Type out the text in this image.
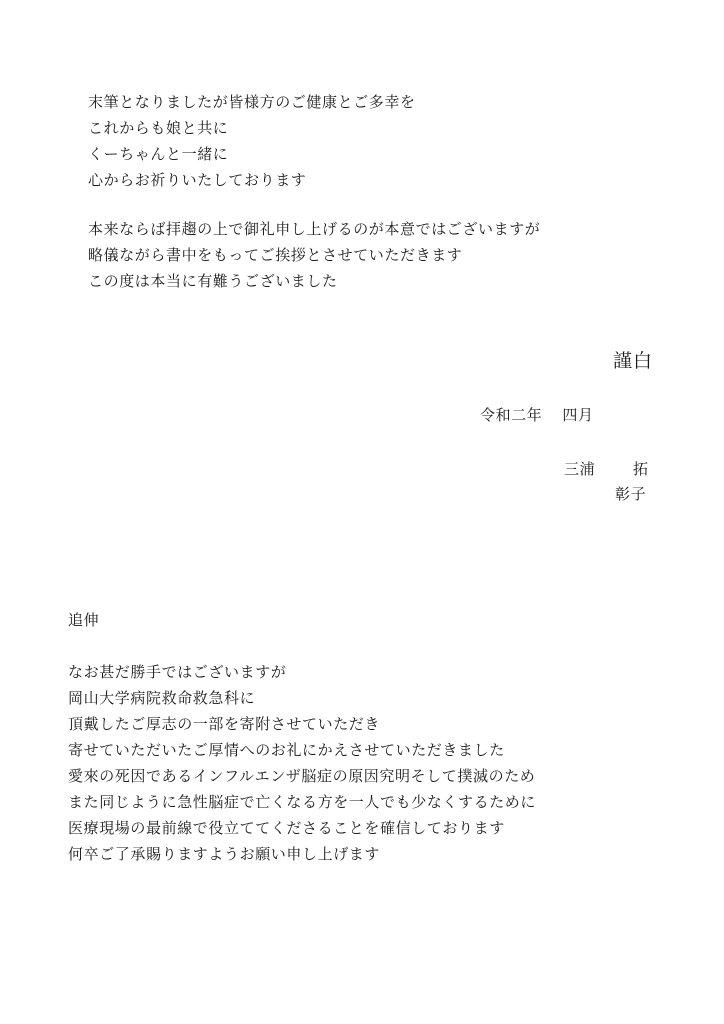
末筆となりましたが皆様方のご健康とご多幸を
これからも娘と共に
くーちゃんと一緒に
心からお祈りいたしております
本来ならば拝趨の上で御礼申し上げるのが本意ではございますが
略儀ながら書中をもってご挨拶とさせていただきます
この度は本当に有難うございました
謹白
令和二年 四月
三浦	拓
彰子
追伸
なお甚だ勝手ではございますが
岡山大学病院救命救急科に
頂戴したご厚志の一部を寄附させていただき
寄せていただいたご厚情へのお礼にかえさせていただきました
愛來の死因であるインフルエンザ脳症の原因究明そして撲滅のため
また同じように急性脳症で亡くなる方を一人でも少なくするために
医療現場の最前線で役立ててくださることを確信しております
何卒ご了承賜りますようお願い申し上げます
